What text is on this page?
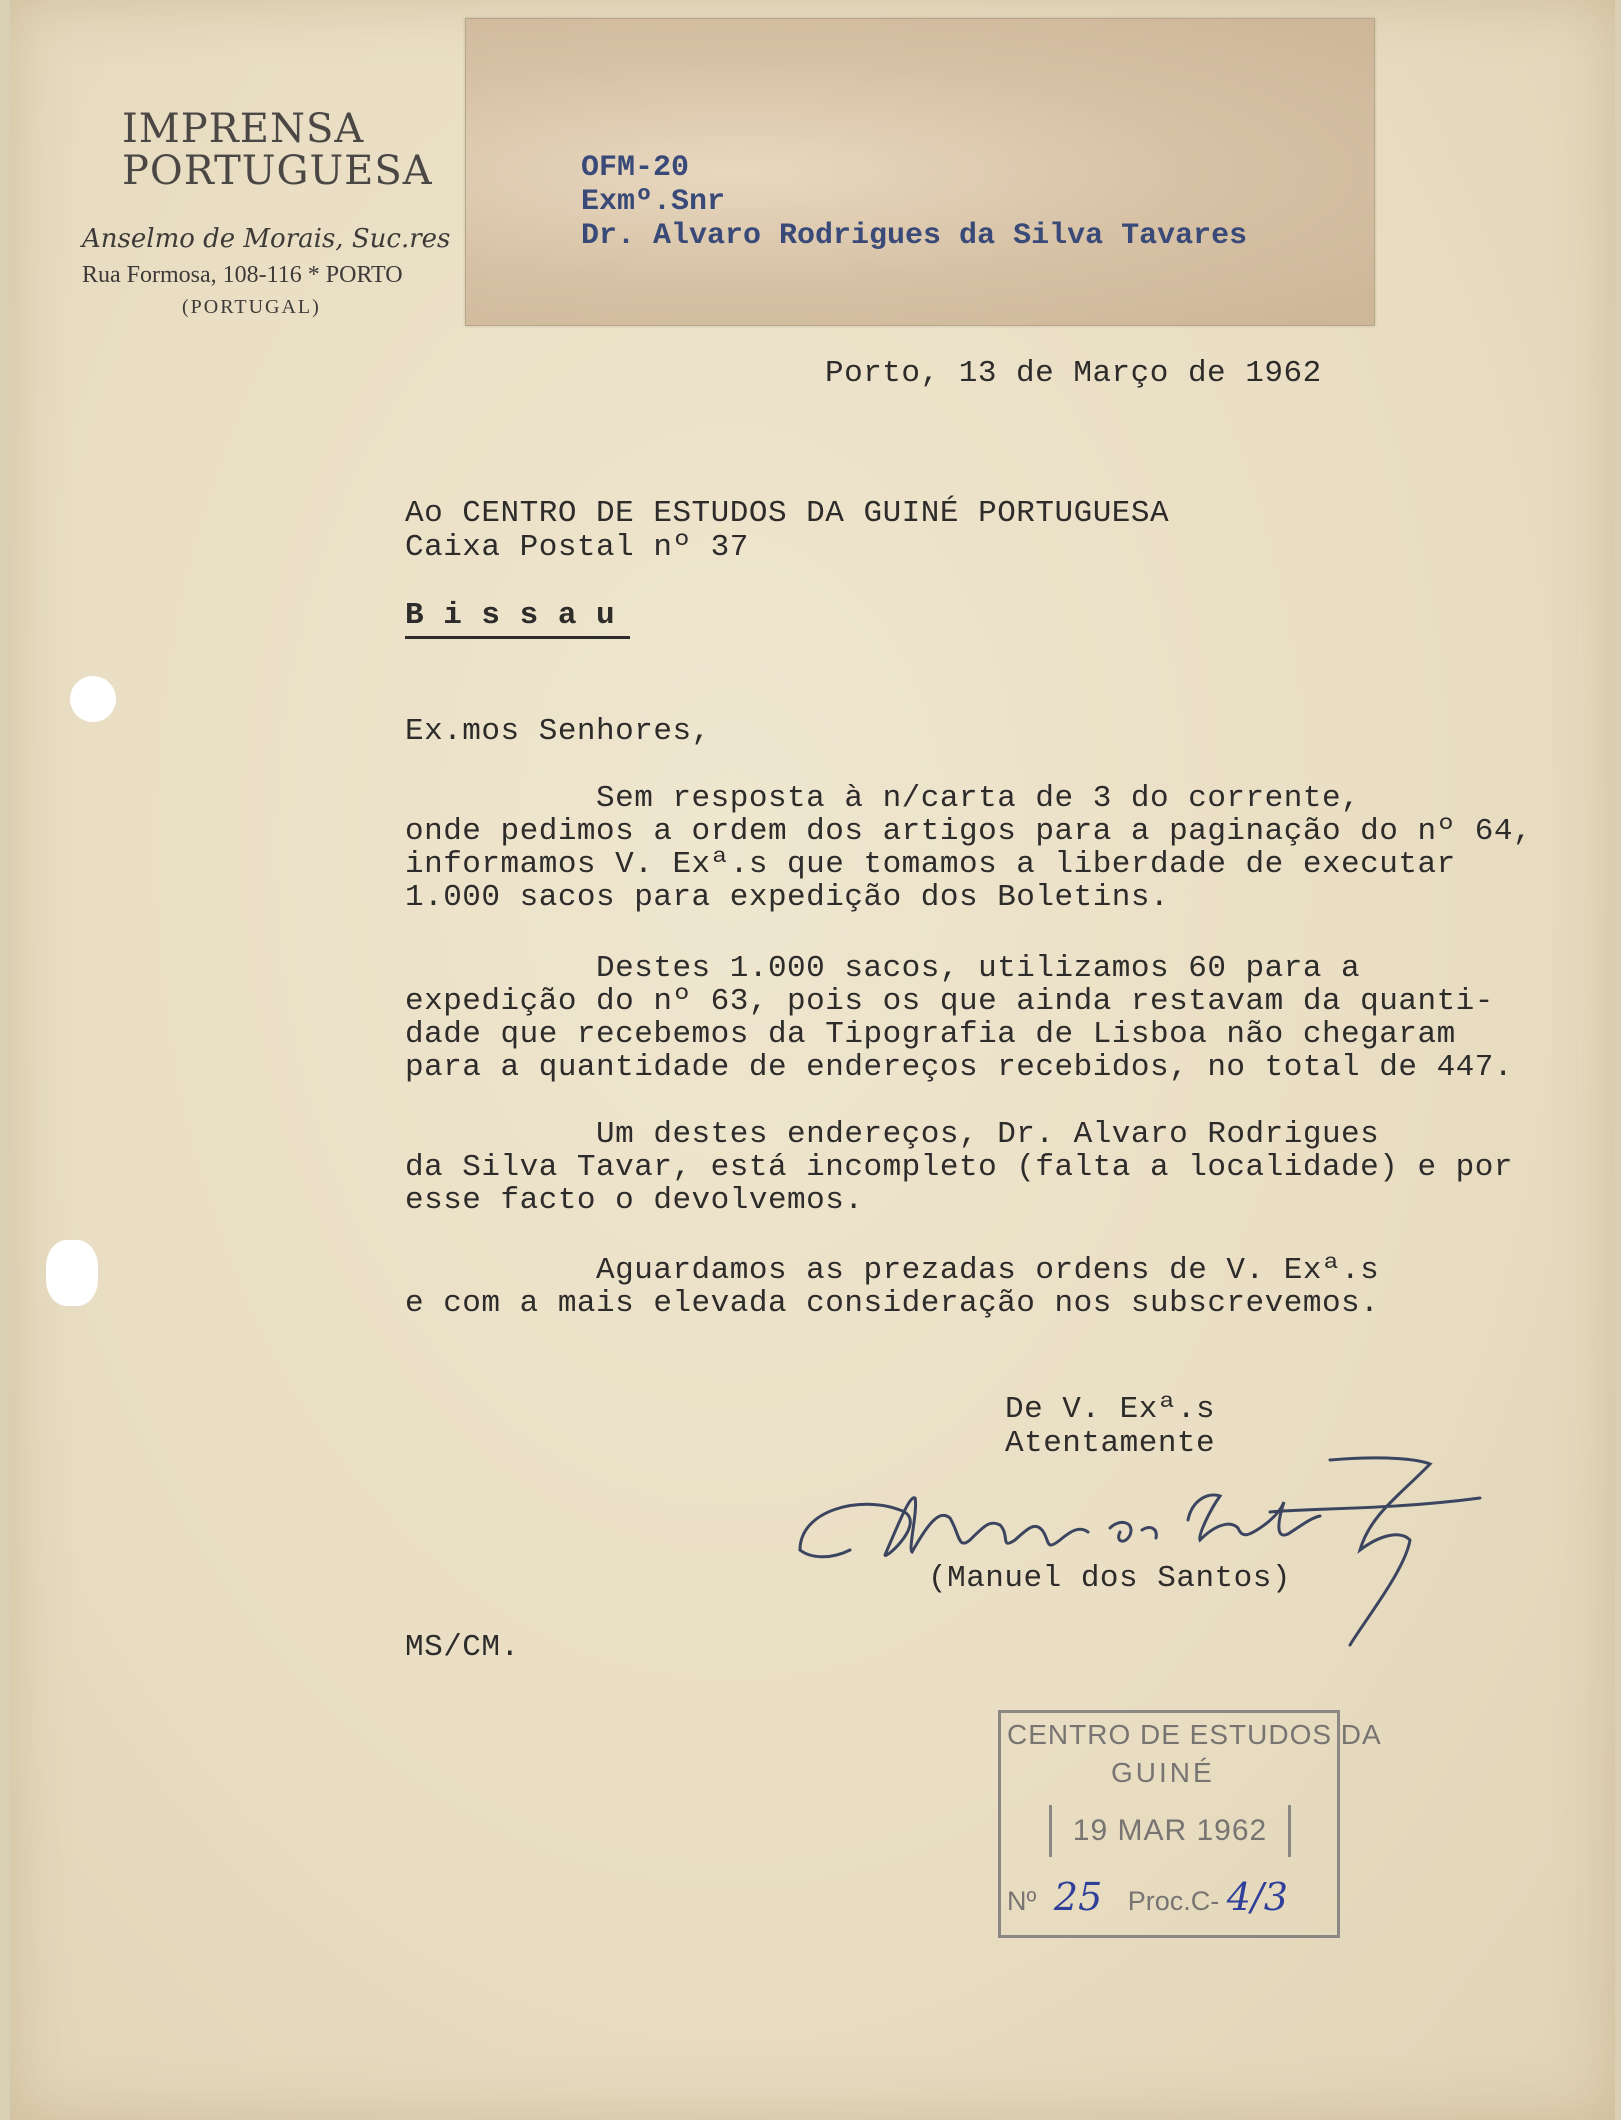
IMPRENSA
PORTUGUESA
Anselmo de Morais, Suc.res
Rua Formosa, 108-116 * PORTO
(PORTUGAL)
OFM-20
Exmº.Snr
Dr. Alvaro Rodrigues da Silva Tavares
Porto, 13 de Março de 1962
Ao CENTRO DE ESTUDOS DA GUINÉ PORTUGUESA
Caixa Postal nº 37
B i s s a u
Ex.mos Senhores,
Sem resposta à n/carta de 3 do corrente,
onde pedimos a ordem dos artigos para a paginação do nº 64,
informamos V. Exª.s que tomamos a liberdade de executar
1.000 sacos para expedição dos Boletins.
Destes 1.000 sacos, utilizamos 60 para a
expedição do nº 63, pois os que ainda restavam da quanti-
dade que recebemos da Tipografia de Lisboa não chegaram
para a quantidade de endereços recebidos, no total de 447.
Um destes endereços, Dr. Alvaro Rodrigues
da Silva Tavar, está incompleto (falta a localidade) e por
esse facto o devolvemos.
Aguardamos as prezadas ordens de V. Exª.s
e com a mais elevada consideração nos subscrevemos.
De V. Exª.s
Atentamente
(Manuel dos Santos)
MS/CM.
CENTRO DE ESTUDOS DA
GUINÉ
19 MAR 1962
Nº 25 Proc.C- 4/3
